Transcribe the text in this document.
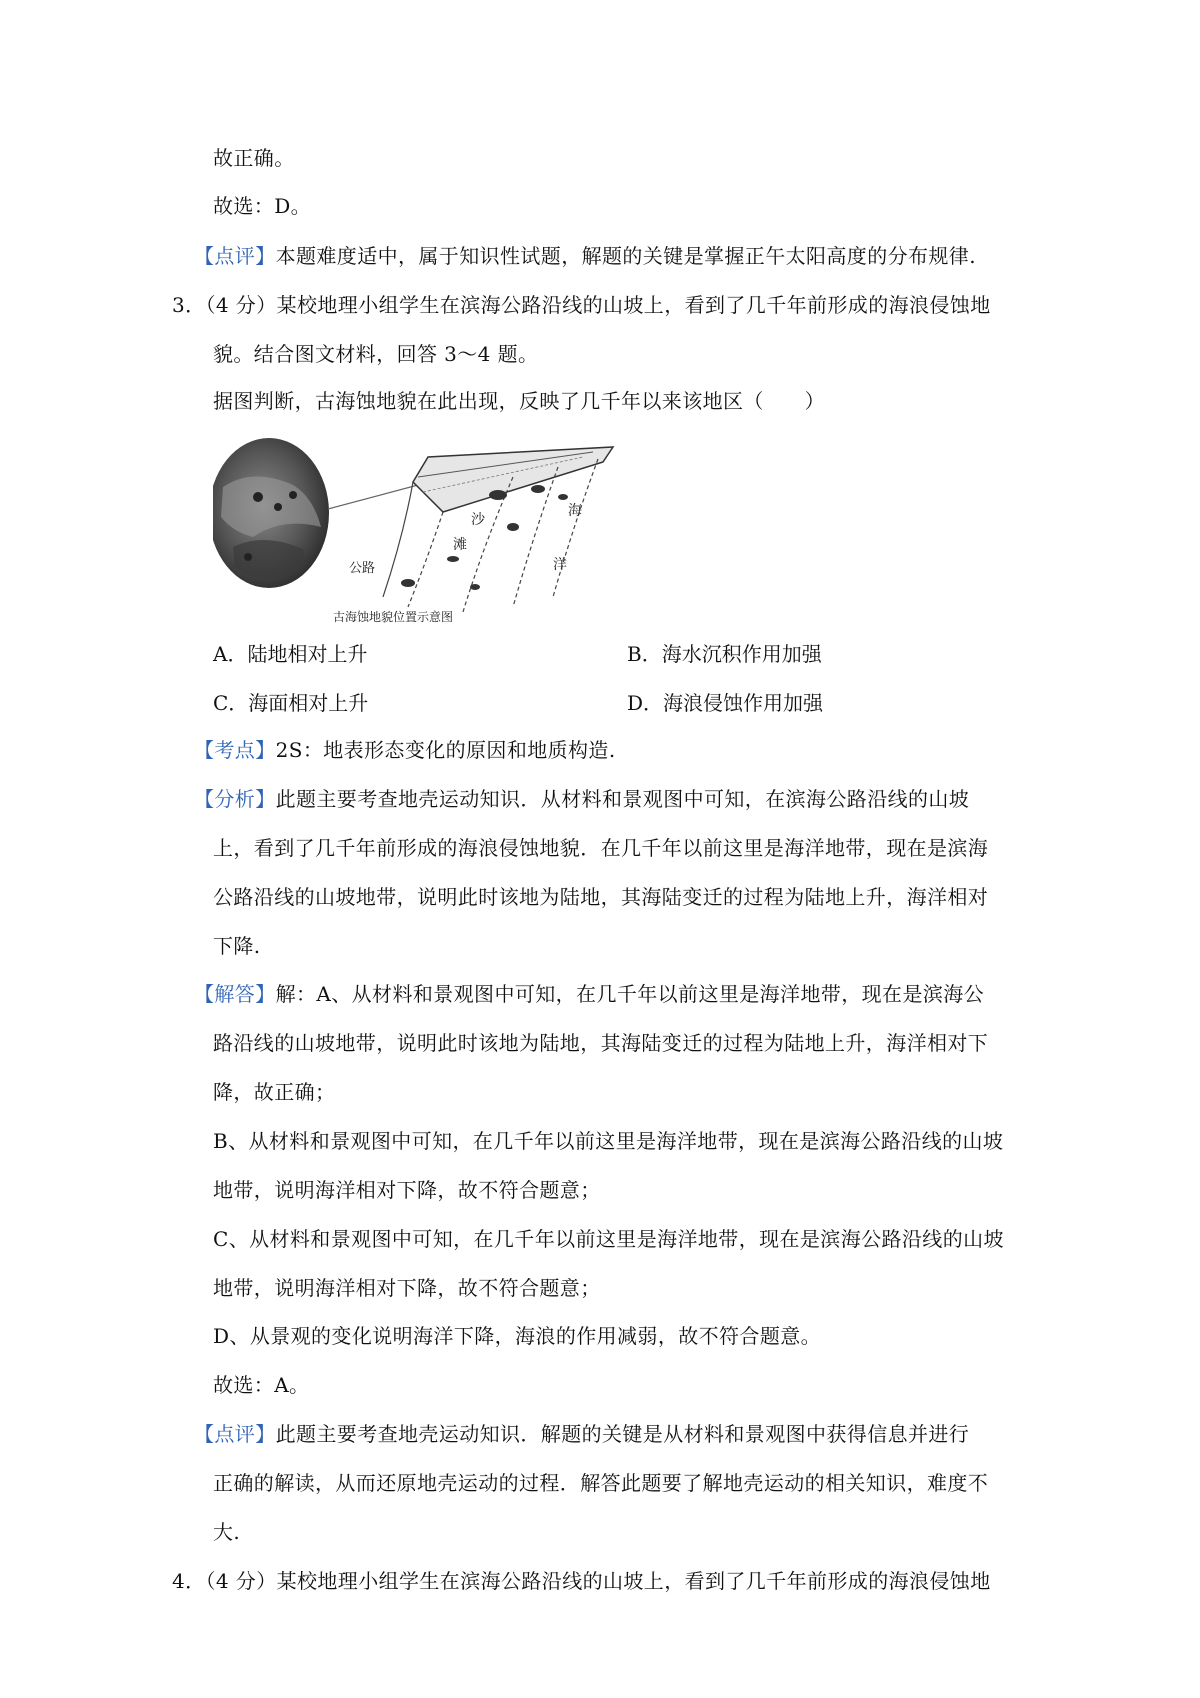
故正确。
故选：D。
【点评】本题难度适中，属于知识性试题，解题的关键是掌握正午太阳高度的分布规律.
3．（4 分）某校地理小组学生在滨海公路沿线的山坡上，看到了几千年前形成的海浪侵蚀地
貌。结合图文材料，回答 3～4 题。
据图判断，古海蚀地貌在此出现，反映了几千年以来该地区（　　）
公路
沙
滩
海
洋
古海蚀地貌位置示意图
A．陆地相对上升	B．海水沉积作用加强
C．海面相对上升	D．海浪侵蚀作用加强
【考点】2S：地表形态变化的原因和地质构造.
【分析】此题主要考查地壳运动知识．从材料和景观图中可知，在滨海公路沿线的山坡
上，看到了几千年前形成的海浪侵蚀地貌．在几千年以前这里是海洋地带，现在是滨海
公路沿线的山坡地带，说明此时该地为陆地，其海陆变迁的过程为陆地上升，海洋相对
下降.
【解答】解：A、从材料和景观图中可知，在几千年以前这里是海洋地带，现在是滨海公
路沿线的山坡地带，说明此时该地为陆地，其海陆变迁的过程为陆地上升，海洋相对下
降，故正确；
B、从材料和景观图中可知，在几千年以前这里是海洋地带，现在是滨海公路沿线的山坡
地带，说明海洋相对下降，故不符合题意；
C、从材料和景观图中可知，在几千年以前这里是海洋地带，现在是滨海公路沿线的山坡
地带，说明海洋相对下降，故不符合题意；
D、从景观的变化说明海洋下降，海浪的作用减弱，故不符合题意。
故选：A。
【点评】此题主要考查地壳运动知识．解题的关键是从材料和景观图中获得信息并进行
正确的解读，从而还原地壳运动的过程．解答此题要了解地壳运动的相关知识，难度不
大.
4．（4 分）某校地理小组学生在滨海公路沿线的山坡上，看到了几千年前形成的海浪侵蚀地
